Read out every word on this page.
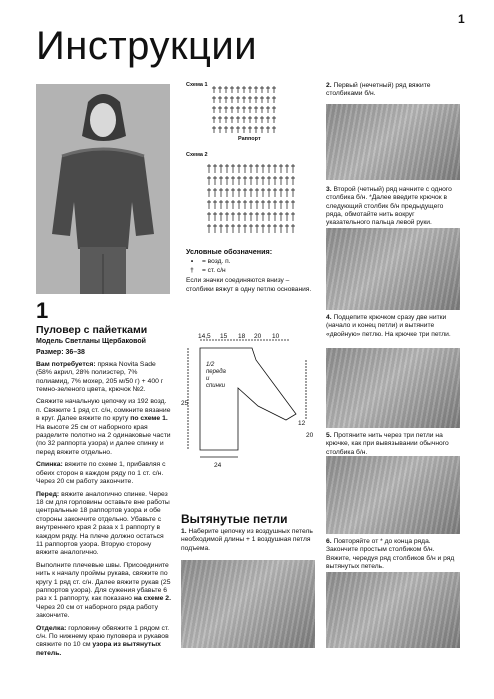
1
Инструкции
1
Пуловер с пайетками
Модель Светланы Щербаковой
Размер: 36–38

Вам потребуется: пряжа Novita Sade (58% акрил, 28% полиэстер, 7% полиамид, 7% мохер, 205 м/50 г) + 400 г темно-зеленого цвета, крючок №2.

Свяжите начальную цепочку из 192 возд. п. Свяжите 1 ряд ст. с/н, сомкните вязание в круг. Далее вяжите по кругу по схеме 1. На высоте 25 см от наборного края разделите полотно на 2 одинаковые части (по 32 раппорта узора) и далее спинку и перед вяжите отдельно.

Спинка: вяжите по схеме 1, прибавляя с обеих сторон в каждом ряду по 1 ст. с/н. Через 20 см работу закончите.

Перед: вяжите аналогично спинке. Через 18 см для горловины оставьте вне работы центральные 18 раппортов узора и обе стороны закончите отдельно. Убавьте с внутреннего края 2 раза х 1 раппорту в каждом ряду. На плече должно остаться 11 раппортов узора. Вторую сторону вяжите аналогично.

Выполните плечевые швы. Присоедините нить к началу проймы рукава, свяжите по кругу 1 ряд ст. с/н. Далее вяжите рукав (25 раппортов узора). Для сужения убавьте 6 раз х 1 раппорту, как показано на схеме 2. Через 20 см от наборного ряда работу закончите.

Отделка: горловину обвяжите 1 рядом ст. с/н. По нижнему краю пуловера и рукавов свяжите по 10 см узора из вытянутых петель.

Схема 1
Раппорт
Схема 2
Условные обозначения:
•	= возд. п.
†	= ст. с/н
Если значки соединяются внизу – столбики вяжут в одну петлю основания.
14,5 15 18 20 10
1/2
переда
и
спинки
12
25
20
24
Вытянутые петли
1. Наберите цепочку из воздушных петель необходимой длины + 1 воздушная петля подъема.
2. Первый (нечетный) ряд вяжите столбиками б/н.
3. Второй (четный) ряд начните с одного столбика б/н. *Далее введите крючок в следующий столбик б/н предыдущего ряда, обмотайте нить вокруг указательного пальца левой руки.
4. Подцепите крючком сразу две нитки (начало и конец петли) и вытяните «двойную» петлю. На крючке три петли.
5. Протяните нить через три петли на крючке, как при вывязывании обычного столбика б/н.
6. Повторяйте от * до конца ряда. Закончите простым столбиком б/н. Вяжите, чередуя ряд столбиков б/н и ряд вытянутых петель.
